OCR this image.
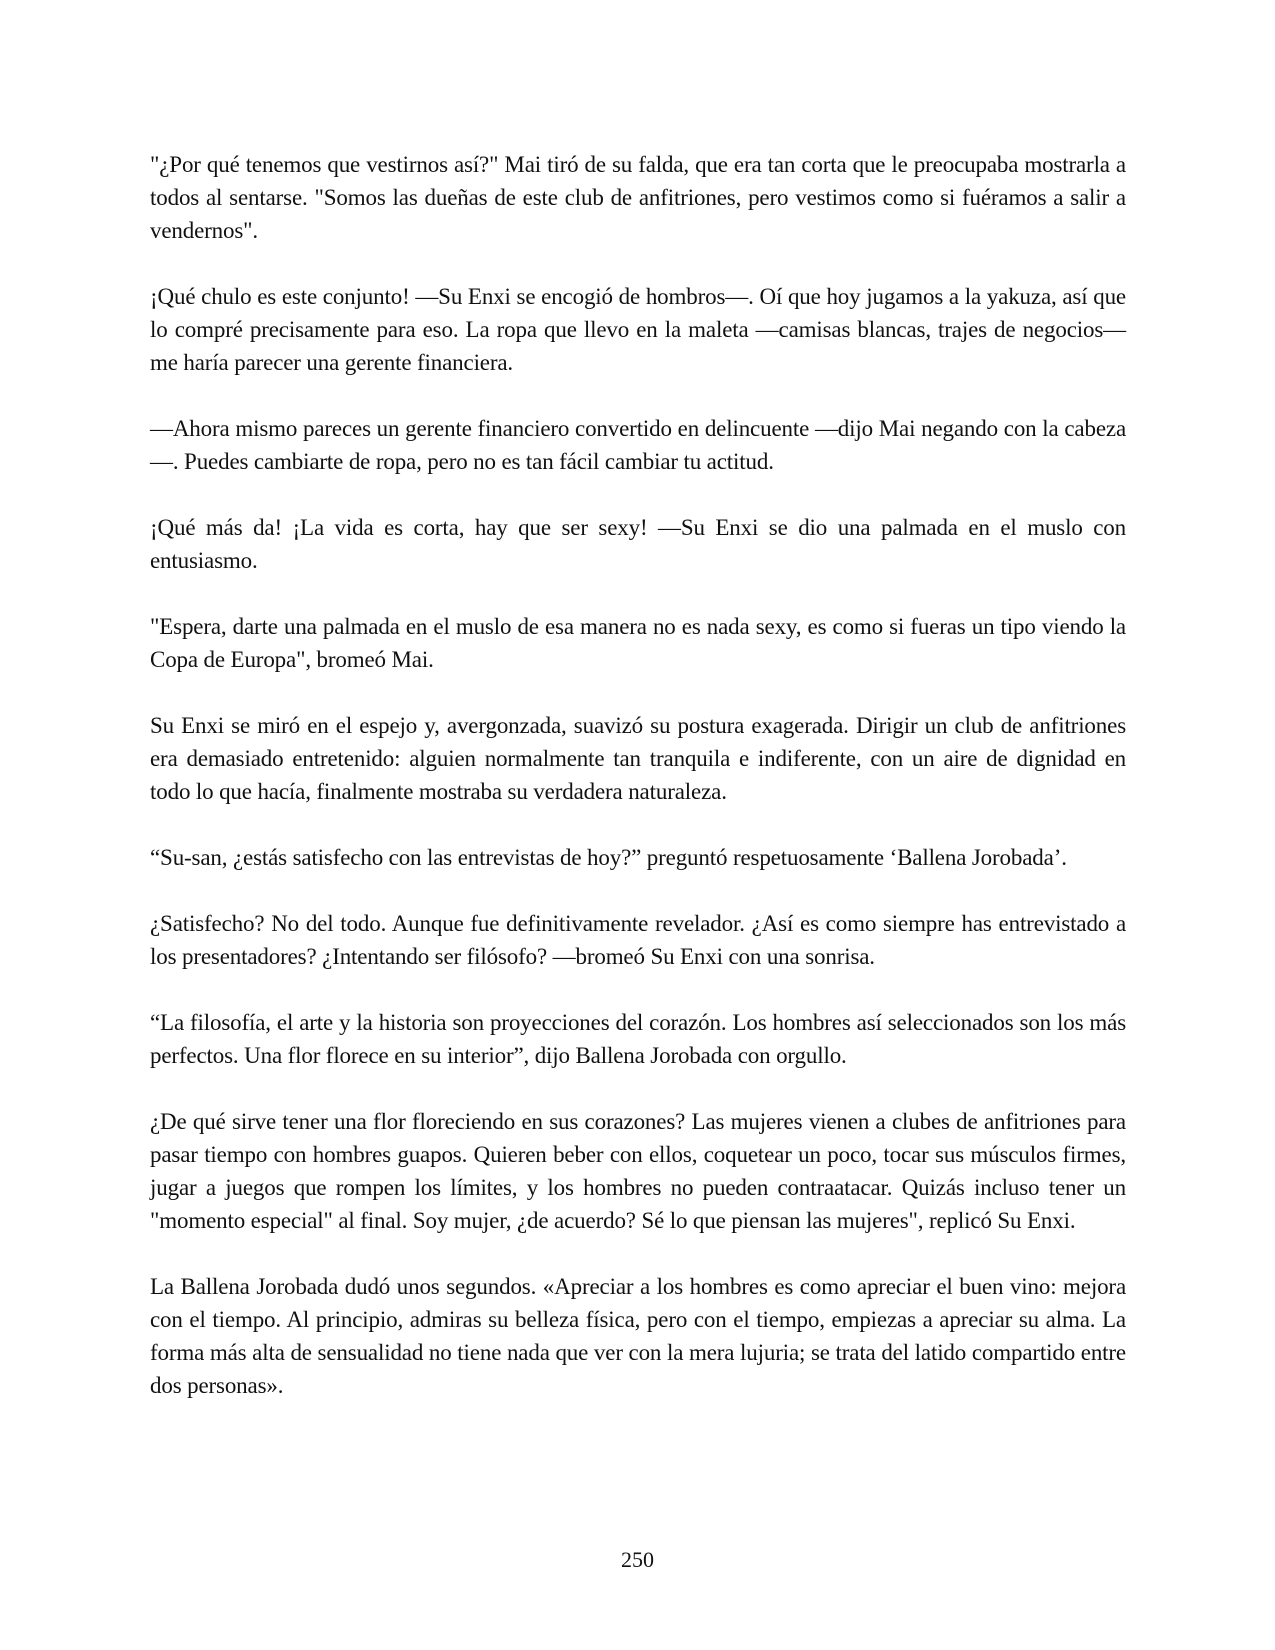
"¿Por qué tenemos que vestirnos así?" Mai tiró de su falda, que era tan corta que le preocupaba mostrarla a todos al sentarse. "Somos las dueñas de este club de anfitriones, pero vestimos como si fuéramos a salir a vendernos".

¡Qué chulo es este conjunto! —Su Enxi se encogió de hombros—. Oí que hoy jugamos a la yakuza, así que lo compré precisamente para eso. La ropa que llevo en la maleta —camisas blancas, trajes de negocios— me haría parecer una gerente financiera.

—Ahora mismo pareces un gerente financiero convertido en delincuente —dijo Mai negando con la cabeza—. Puedes cambiarte de ropa, pero no es tan fácil cambiar tu actitud.

¡Qué más da! ¡La vida es corta, hay que ser sexy! —Su Enxi se dio una palmada en el muslo con entusiasmo.

"Espera, darte una palmada en el muslo de esa manera no es nada sexy, es como si fueras un tipo viendo la Copa de Europa", bromeó Mai.

Su Enxi se miró en el espejo y, avergonzada, suavizó su postura exagerada. Dirigir un club de anfitriones era demasiado entretenido: alguien normalmente tan tranquila e indiferente, con un aire de dignidad en todo lo que hacía, finalmente mostraba su verdadera naturaleza.

“Su-san, ¿estás satisfecho con las entrevistas de hoy?” preguntó respetuosamente ‘Ballena Jorobada’.

¿Satisfecho? No del todo. Aunque fue definitivamente revelador. ¿Así es como siempre has entrevistado a los presentadores? ¿Intentando ser filósofo? —bromeó Su Enxi con una sonrisa.

“La filosofía, el arte y la historia son proyecciones del corazón. Los hombres así seleccionados son los más perfectos. Una flor florece en su interior”, dijo Ballena Jorobada con orgullo.

¿De qué sirve tener una flor floreciendo en sus corazones? Las mujeres vienen a clubes de anfitriones para pasar tiempo con hombres guapos. Quieren beber con ellos, coquetear un poco, tocar sus músculos firmes, jugar a juegos que rompen los límites, y los hombres no pueden contraatacar. Quizás incluso tener un "momento especial" al final. Soy mujer, ¿de acuerdo? Sé lo que piensan las mujeres", replicó Su Enxi.

La Ballena Jorobada dudó unos segundos. «Apreciar a los hombres es como apreciar el buen vino: mejora con el tiempo. Al principio, admiras su belleza física, pero con el tiempo, empiezas a apreciar su alma. La forma más alta de sensualidad no tiene nada que ver con la mera lujuria; se trata del latido compartido entre dos personas».

250
